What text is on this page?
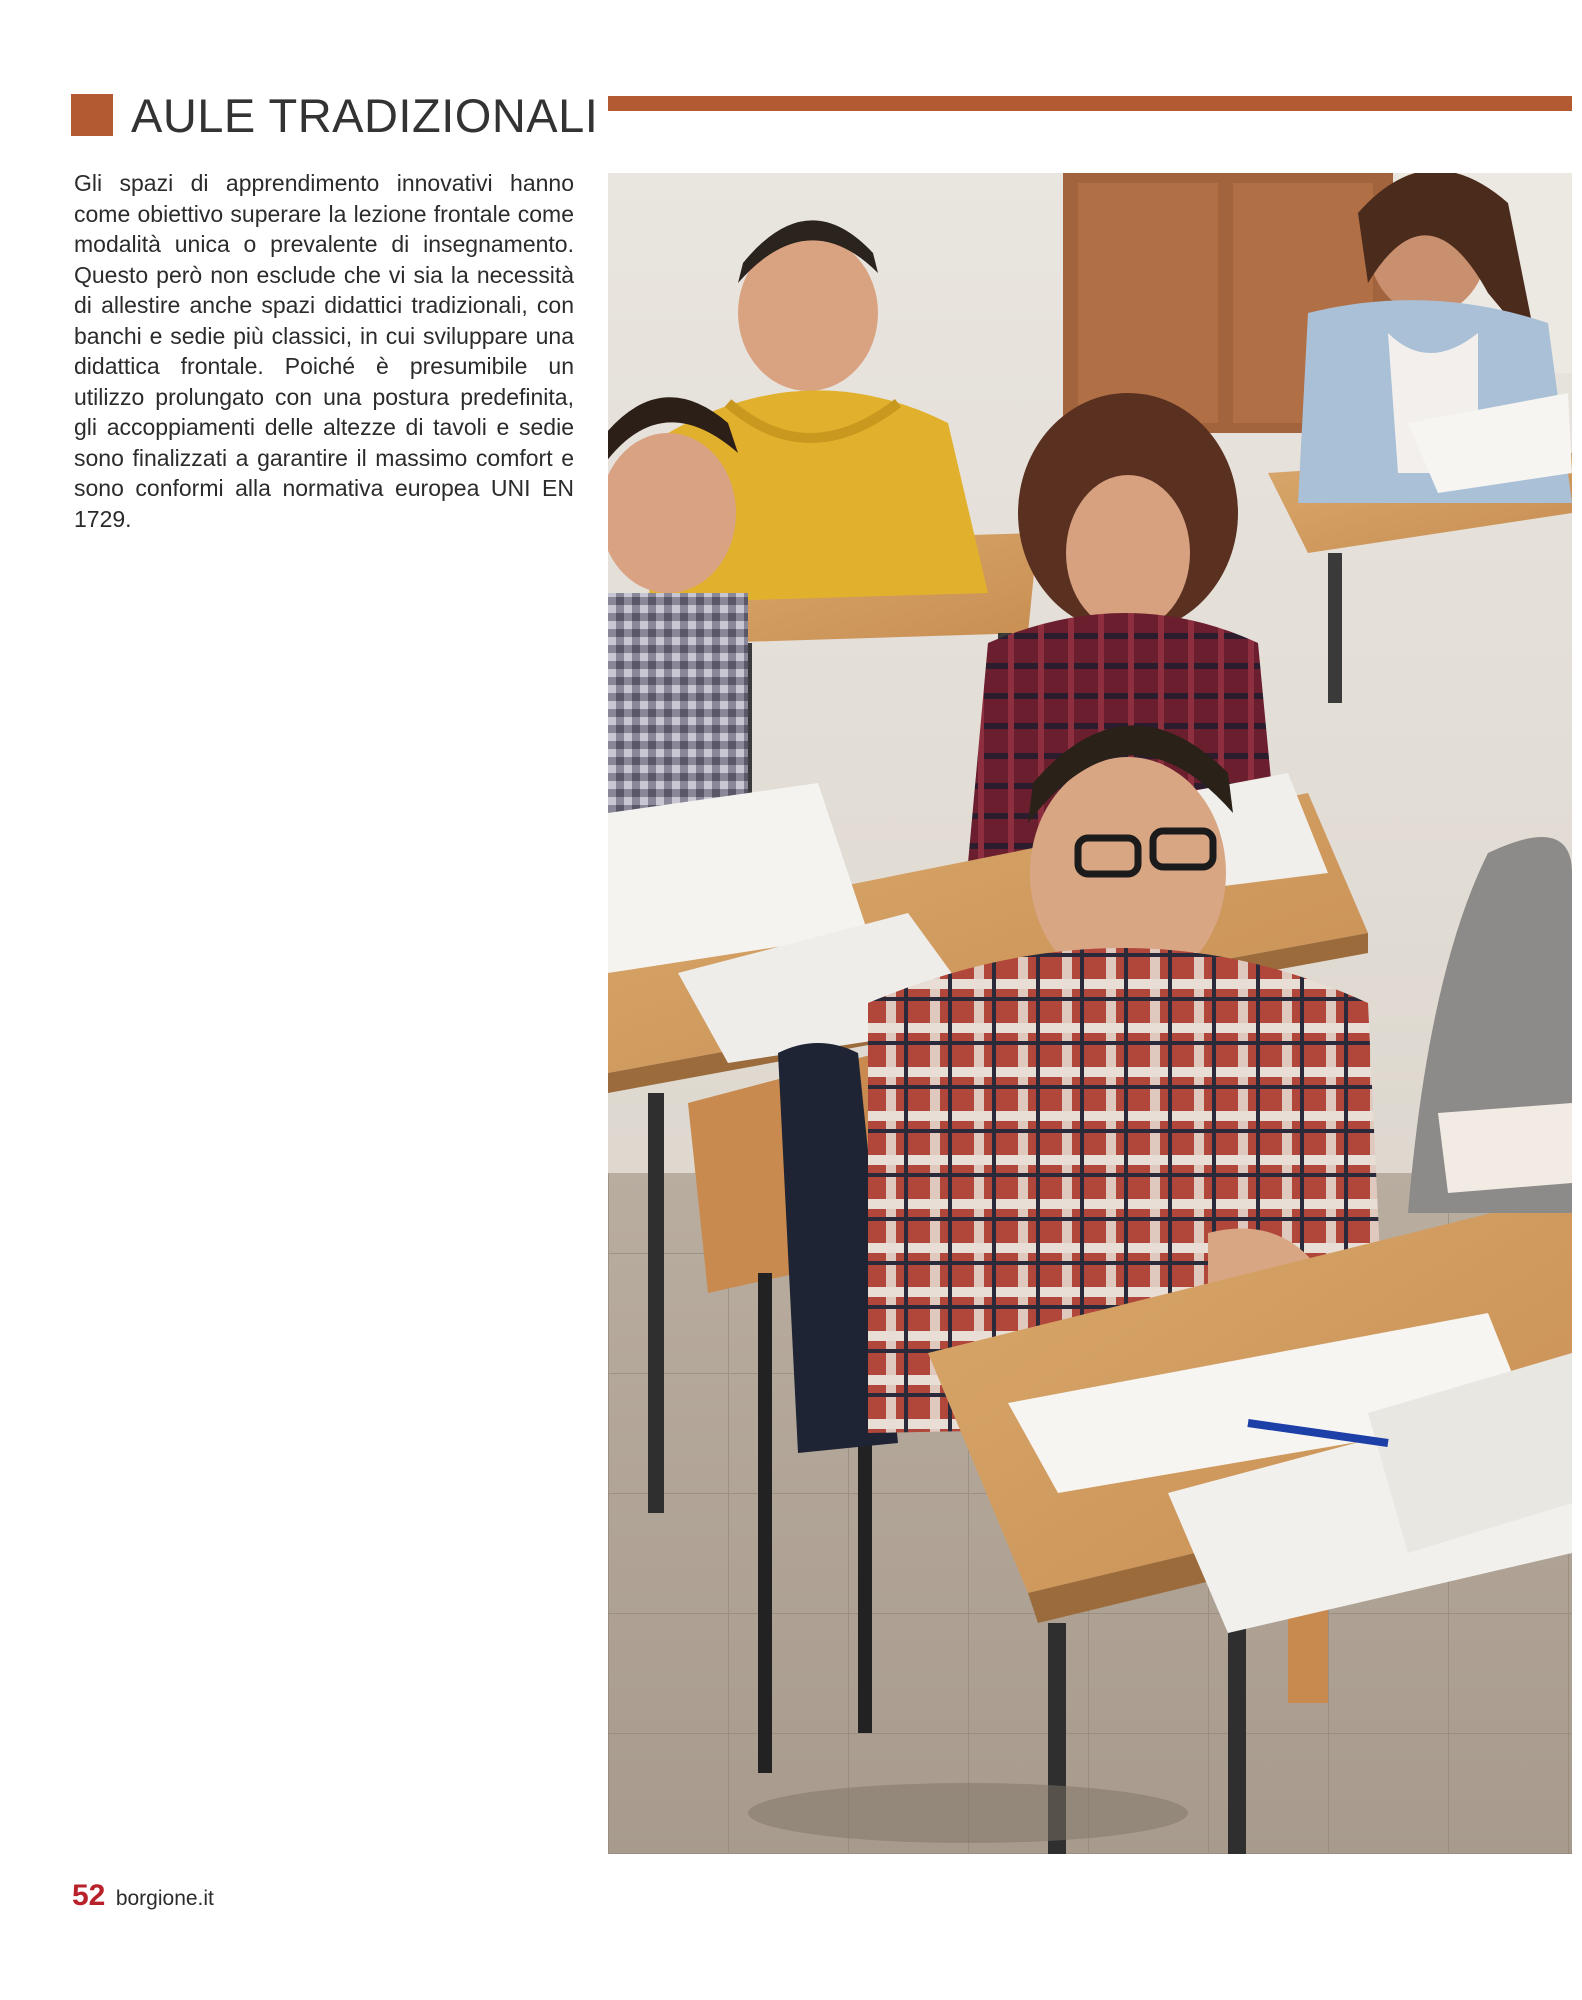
AULE TRADIZIONALI
Gli spazi di apprendimento innovativi hanno come obiettivo superare la lezione frontale come modalità unica o prevalente di insegnamento. Questo però non esclude che vi sia la necessità di allestire anche spazi didattici tradizionali, con banchi e sedie più classici, in cui sviluppare una didattica frontale. Poiché è presumibile un utilizzo prolungato con una postura predefinita, gli accoppiamenti delle altezze di tavoli e sedie sono finalizzati a garantire il massimo comfort e sono conformi alla normativa europea UNI EN 1729.
52 borgione.it
